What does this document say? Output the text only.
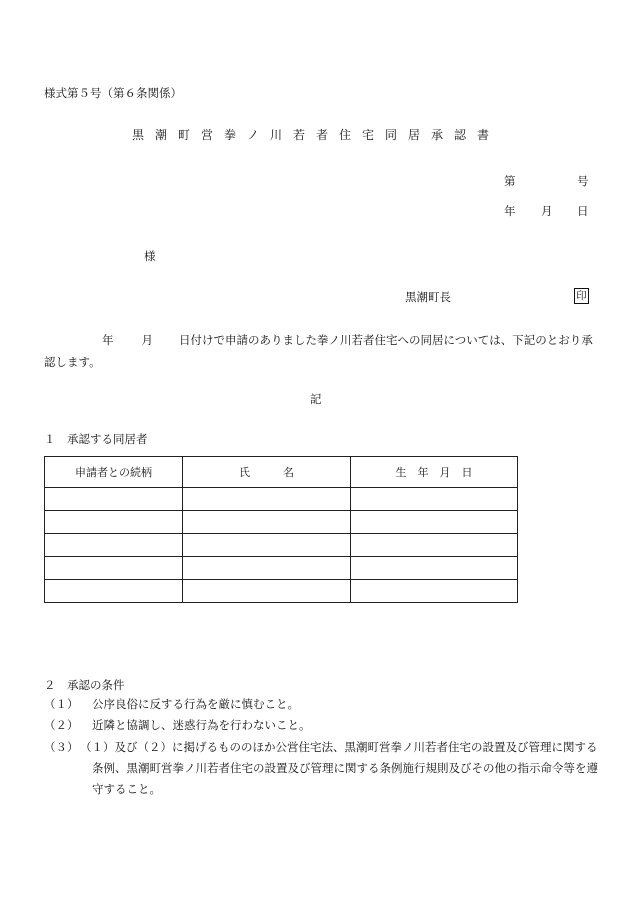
様式第５号（第６条関係）
黒潮町営拳ノ川若者住宅同居承認書
第	号
年 月 日
様
黒潮町長	印
年 月 日付けで申請のありました拳ノ川若者住宅への同居については、下記のとおり承認します。
記
１　承認する同居者
申請者との続柄	氏　　　名	生　年　月　日

２　承認の条件
（１） 公序良俗に反する行為を厳に慎むこと。
（２） 近隣と協調し、迷惑行為を行わないこと。
（３） （１）及び（２）に掲げるもののほか公営住宅法、黒潮町営拳ノ川若者住宅の設置及び管理に関する条例、黒潮町営拳ノ川若者住宅の設置及び管理に関する条例施行規則及びその他の指示命令等を遵守すること。
